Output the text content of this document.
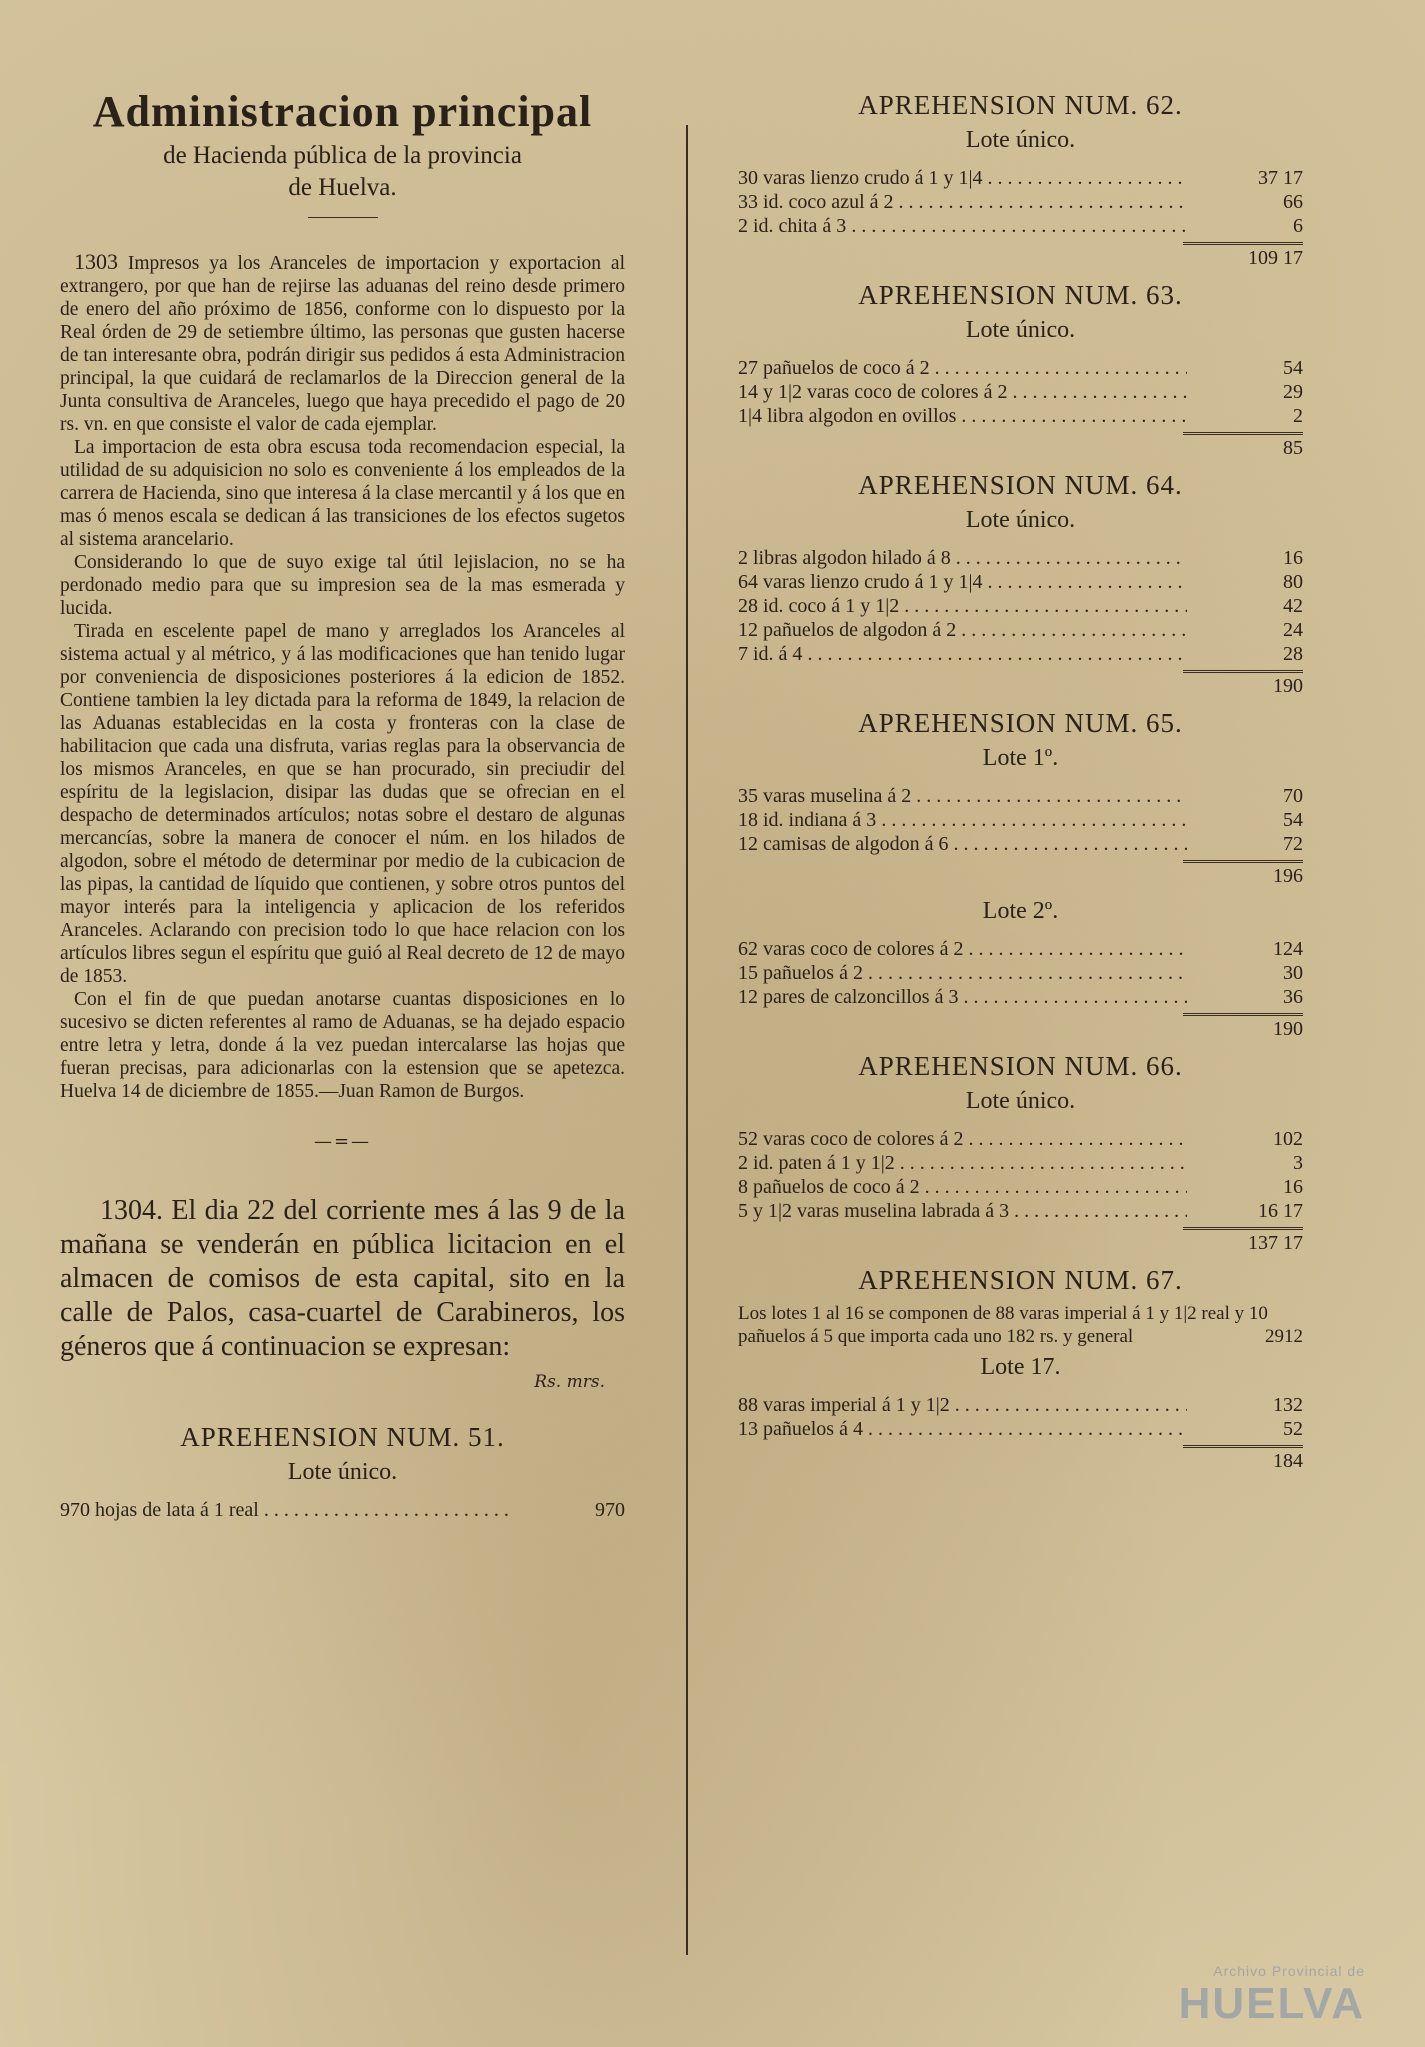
Administracion principal
de Hacienda pública de la provincia
de Huelva.

1303 Impresos ya los Aranceles de importacion y exportacion al extrangero, por que han de rejirse las aduanas del reino desde primero de enero del año próximo de 1856, conforme con lo dispuesto por la Real órden de 29 de setiembre último, las personas que gusten hacerse de tan interesante obra, podrán dirigir sus pedidos á esta Administracion principal, la que cuidará de reclamarlos de la Direccion general de la Junta consultiva de Aranceles, luego que haya precedido el pago de 20 rs. vn. en que consiste el valor de cada ejemplar.

La importacion de esta obra escusa toda recomendacion especial, la utilidad de su adquisicion no solo es conveniente á los empleados de la carrera de Hacienda, sino que interesa á la clase mercantil y á los que en mas ó menos escala se dedican á las transiciones de los efectos sugetos al sistema arancelario.

Considerando lo que de suyo exige tal útil lejislacion, no se ha perdonado medio para que su impresion sea de la mas esmerada y lucida.

Tirada en escelente papel de mano y arreglados los Aranceles al sistema actual y al métrico, y á las modificaciones que han tenido lugar por conveniencia de disposiciones posteriores á la edicion de 1852. Contiene tambien la ley dictada para la reforma de 1849, la relacion de las Aduanas establecidas en la costa y fronteras con la clase de habilitacion que cada una disfruta, varias reglas para la observancia de los mismos Aranceles, en que se han procurado, sin preciudir del espíritu de la legislacion, disipar las dudas que se ofrecian en el despacho de determinados artículos; notas sobre el destaro de algunas mercancías, sobre la manera de conocer el núm. en los hilados de algodon, sobre el método de determinar por medio de la cubicacion de las pipas, la cantidad de líquido que contienen, y sobre otros puntos del mayor interés para la inteligencia y aplicacion de los referidos Aranceles. Aclarando con precision todo lo que hace relacion con los artículos libres segun el espíritu que guió al Real decreto de 12 de mayo de 1853.

Con el fin de que puedan anotarse cuantas disposiciones en lo sucesivo se dicten referentes al ramo de Aduanas, se ha dejado espacio entre letra y letra, donde á la vez puedan intercalarse las hojas que fueran precisas, para adicionarlas con la estension que se apetezca. Huelva 14 de diciembre de 1855.—Juan Ramon de Burgos.

—=—

1304. El dia 22 del corriente mes á las 9 de la mañana se venderán en pública licitacion en el almacen de comisos de esta capital, sito en la calle de Palos, casa-cuartel de Carabineros, los géneros que á continuacion se expresan:

Rs. mrs.
APREHENSION NUM. 51.
Lote único.
970 hojas de lata á 1 real . . .	970
APREHENSION NUM. 62.
Lote único.
30 varas lienzo crudo á 1 y 1|4 . . .	37 17
33 id. coco azul á 2 . . .	66
2 id. chita á 3 . . .	6
109 17
APREHENSION NUM. 63.
Lote único.
27 pañuelos de coco á 2 . . .	54
14 y 1|2 varas coco de colores á 2 . . .	29
1|4 libra algodon en ovillos . . .	2
85
APREHENSION NUM. 64.
Lote único.
2 libras algodon hilado á 8 . . .	16
64 varas lienzo crudo á 1 y 1|4 . . .	80
28 id. coco á 1 y 1|2 . . .	42
12 pañuelos de algodon á 2 . . .	24
7 id. á 4 . . .	28
190
APREHENSION NUM. 65.
Lote 1º.
35 varas muselina á 2 . . .	70
18 id. indiana á 3 . . .	54
12 camisas de algodon á 6 . . .	72
196
Lote 2º.
62 varas coco de colores á 2 . . .	124
15 pañuelos á 2 . . .	30
12 pares de calzoncillos á 3 . . .	36
190
APREHENSION NUM. 66.
Lote único.
52 varas coco de colores á 2 . . .	102
2 id. paten á 1 y 1|2 . . .	3
8 pañuelos de coco á 2 . . .	16
5 y 1|2 varas muselina labrada á 3 . . .	16 17
137 17
APREHENSION NUM. 67.

Los lotes 1 al 16 se componen de 88 varas imperial á 1 y 1|2 real y 10 pañuelos á 5 que importa cada uno 182 rs. y general	2912

Lote 17.
88 varas imperial á 1 y 1|2 . . .	132
13 pañuelos á 4 . . .	52
184
Archivo Provincial de
HUELVA
